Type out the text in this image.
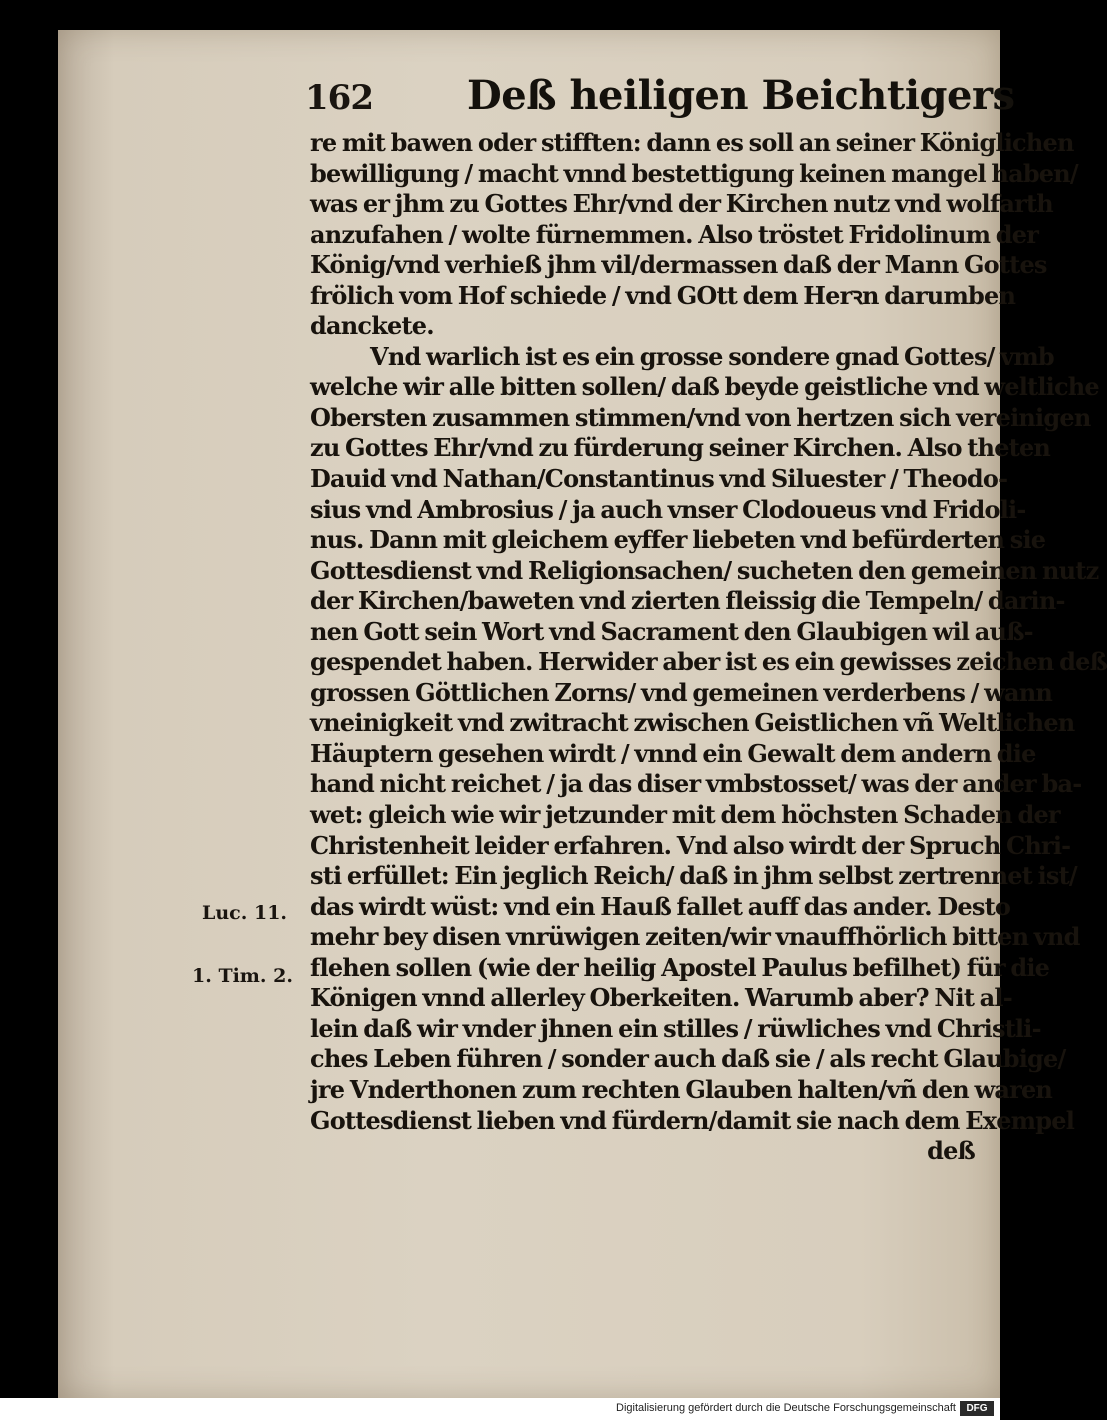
162 Deß heiligen Beichtigers
re mit bawen oder stifften: dann es soll an seiner Königlichen
bewilligung / macht vnnd bestettigung keinen mangel haben/
was er jhm zu Gottes Ehr/vnd der Kirchen nutz vnd wolfarth
anzufahen / wolte fürnemmen. Also tröstet Fridolinum der
König/vnd verhieß jhm vil/dermassen daß der Mann Gottes
frölich vom Hof schiede / vnd GOtt dem Herꝛn darumben
danckete.
Vnd warlich ist es ein grosse sondere gnad Gottes/ vmb
welche wir alle bitten sollen/ daß beyde geistliche vnd weltliche
Obersten zusammen stimmen/vnd von hertzen sich vereinigen
zu Gottes Ehr/vnd zu fürderung seiner Kirchen. Also theten
Dauid vnd Nathan/Constantinus vnd Siluester / Theodo-
sius vnd Ambrosius / ja auch vnser Clodoueus vnd Fridoli-
nus. Dann mit gleichem eyffer liebeten vnd befürderten sie
Gottesdienst vnd Religionsachen/ sucheten den gemeinen nutz
der Kirchen/baweten vnd zierten fleissig die Tempeln/ darin-
nen Gott sein Wort vnd Sacrament den Glaubigen wil auß-
gespendet haben. Herwider aber ist es ein gewisses zeichen deß
grossen Göttlichen Zorns/ vnd gemeinen verderbens / wann
vneinigkeit vnd zwitracht zwischen Geistlichen vñ Weltlichen
Häuptern gesehen wirdt / vnnd ein Gewalt dem andern die
hand nicht reichet / ja das diser vmbstosset/ was der ander ba-
wet: gleich wie wir jetzunder mit dem höchsten Schaden der
Christenheit leider erfahren. Vnd also wirdt der Spruch Chri-
sti erfüllet: Ein jeglich Reich/ daß in jhm selbst zertrennet ist/
das wirdt wüst: vnd ein Hauß fallet auff das ander. Desto
mehr bey disen vnrüwigen zeiten/wir vnauffhörlich bitten vnd
flehen sollen (wie der heilig Apostel Paulus befilhet) für die
Königen vnnd allerley Oberkeiten. Warumb aber? Nit al-
lein daß wir vnder jhnen ein stilles / rüwliches vnd Christli-
ches Leben führen / sonder auch daß sie / als recht Glaubige/
jre Vnderthonen zum rechten Glauben halten/vñ den waren
Gottesdienst lieben vnd fürdern/damit sie nach dem Exempel
deß
Luc. 11.
1. Tim. 2.
Digitalisierung gefördert durch die Deutsche Forschungsgemeinschaft	DFG
